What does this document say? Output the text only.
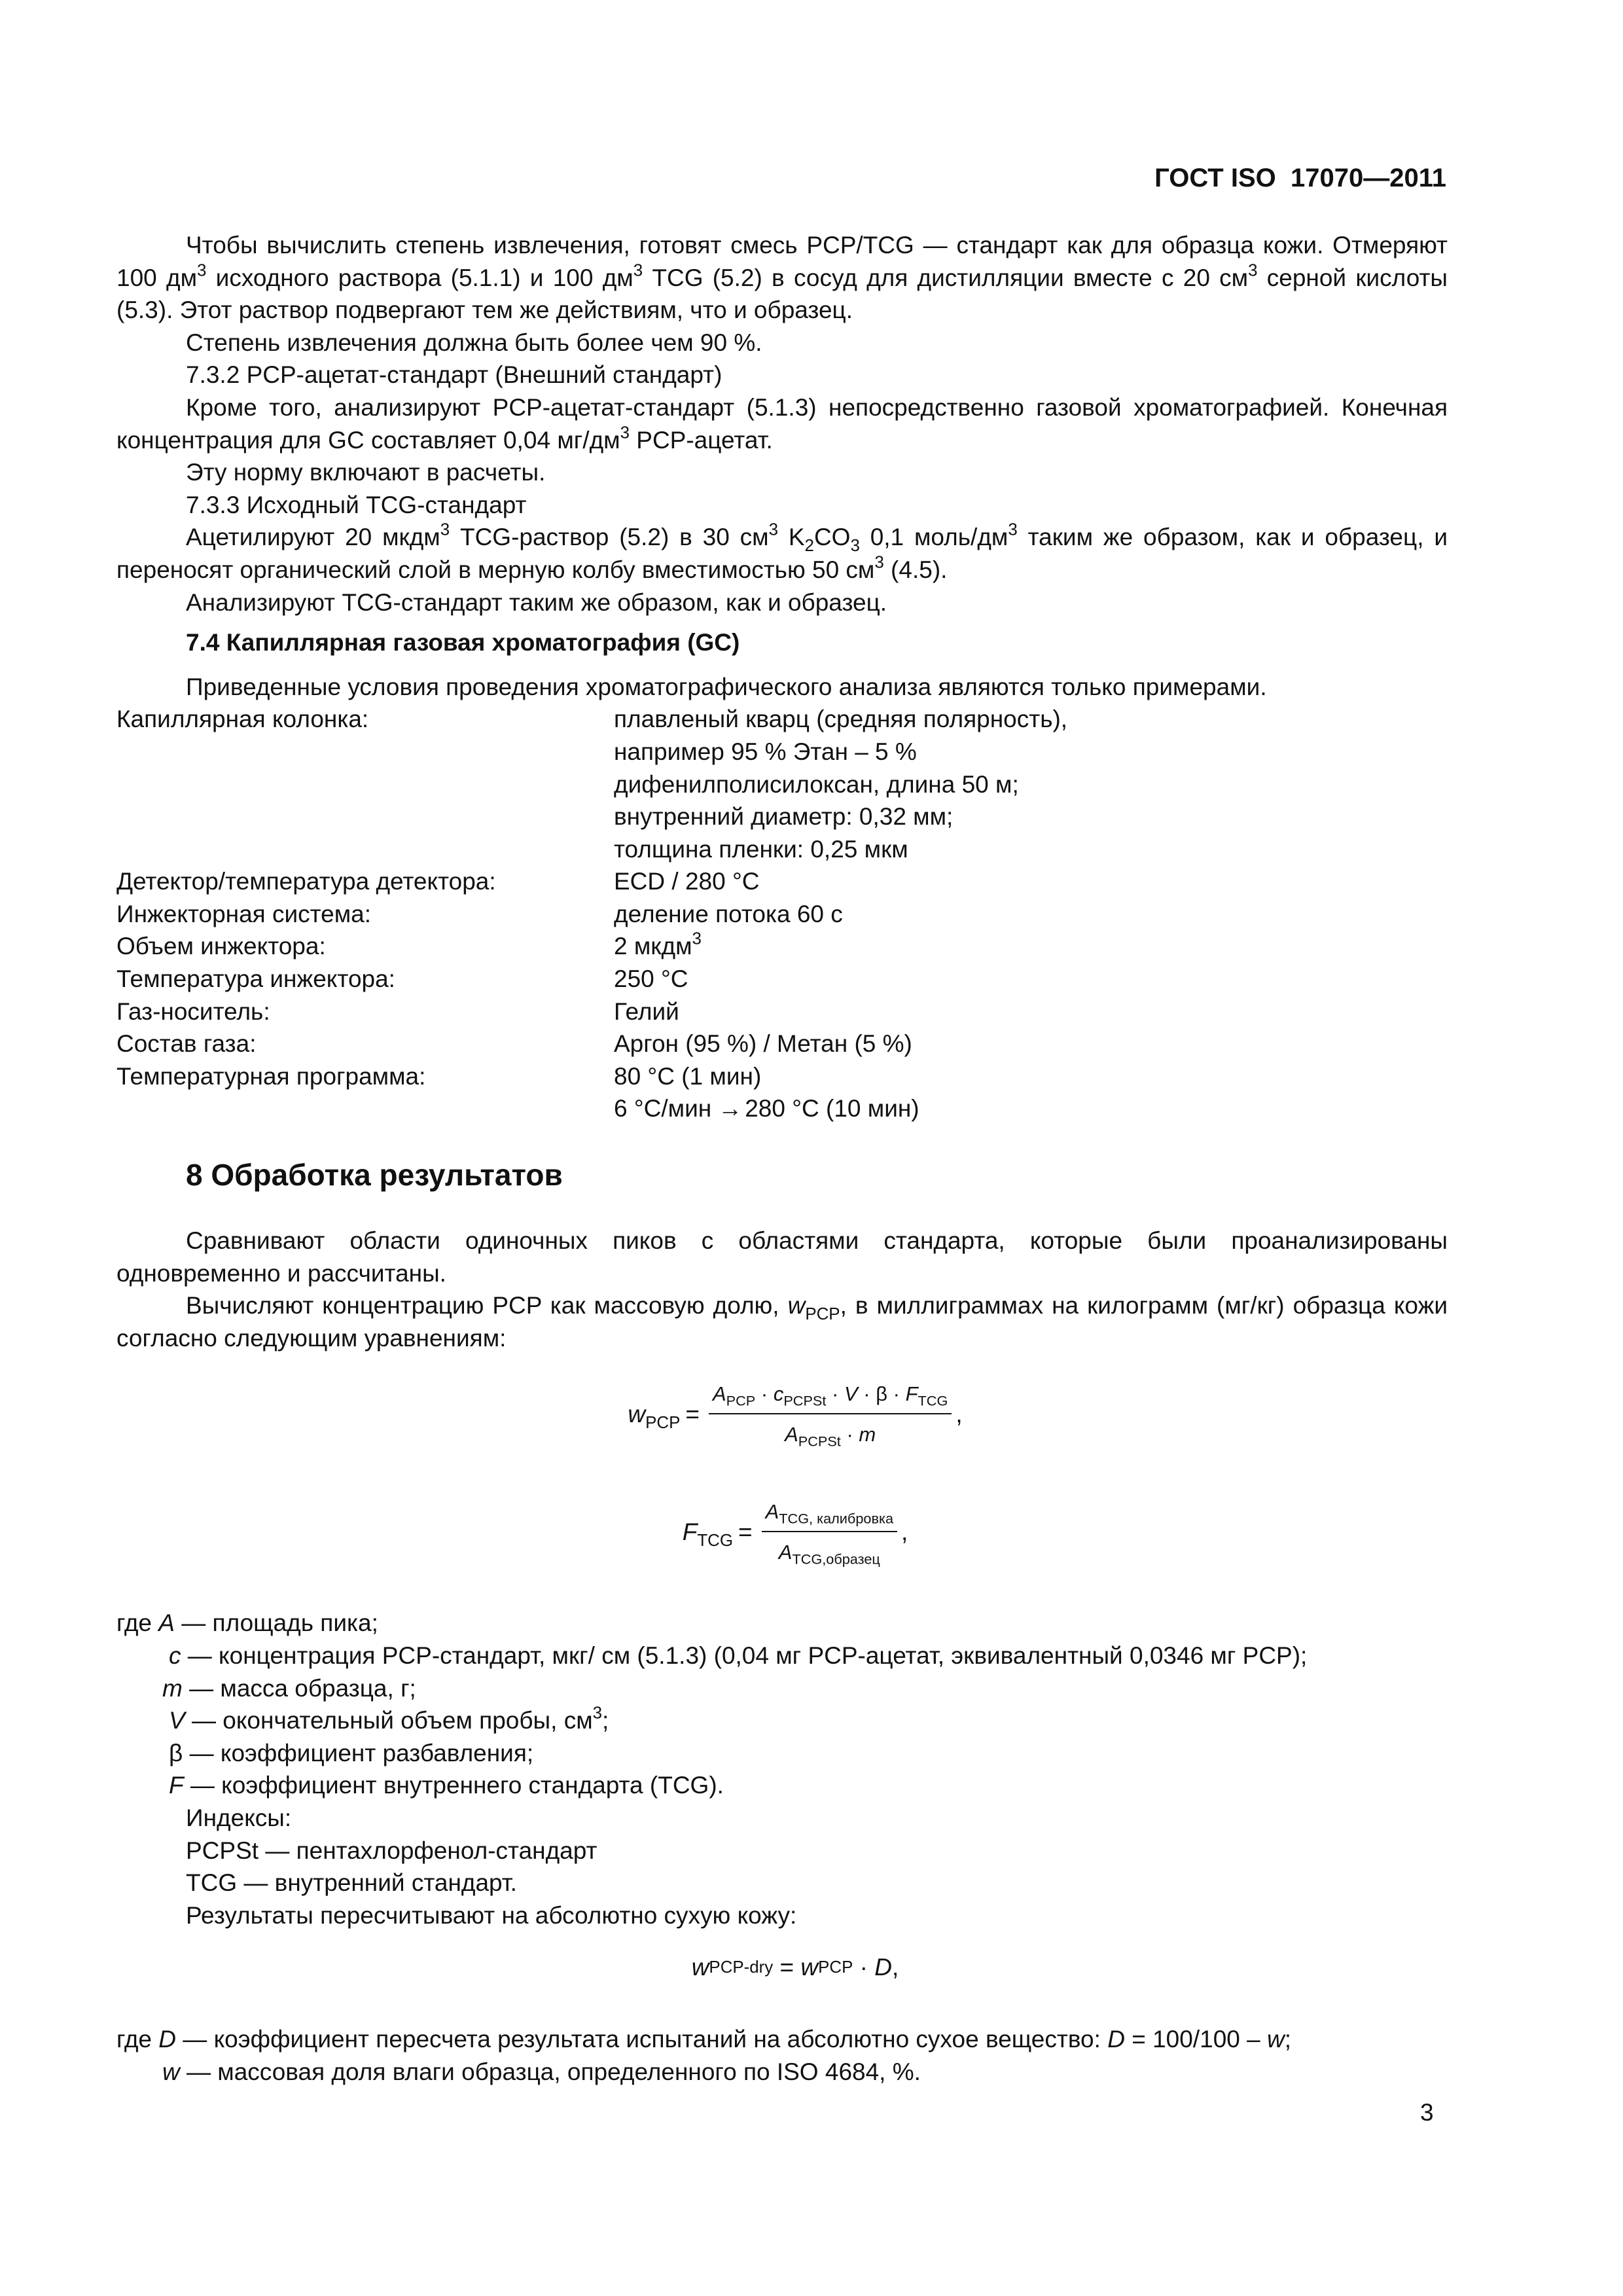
ГОСТ ISO  17070—2011

Чтобы вычислить степень извлечения, готовят смесь PCP/TCG — стандарт как для образца кожи. Отмеряют 100 $дм^3$ исходного раствора (5.1.1) и 100 $дм^3$ TCG (5.2) в сосуд для дистилляции вместе с 20 $см^3$ серной кислоты (5.3). Этот раствор подвергают тем же действиям, что и образец.

Степень извлечения должна быть более чем 90 %.

7.3.2 PCP-ацетат-стандарт (Внешний стандарт)

Кроме того, анализируют PCP-ацетат-стандарт (5.1.3) непосредственно газовой хроматографией. Конечная концентрация для GC составляет 0,04 $мг/дм^3$ PCP-ацетат.

Эту норму включают в расчеты.

7.3.3 Исходный TCG-стандарт

Ацетилируют 20 мкдм$^3$ TCG-раствор (5.2) в 30 $см^3$ $K_2CO_3$ 0,1 моль/$дм^3$ таким же образом, как и образец, и переносят органический слой в мерную колбу вместимостью 50 $см^3$ (4.5).

Анализируют TCG-стандарт таким же образом, как и образец.

7.4 Капиллярная газовая хроматография (GC)

Приведенные условия проведения хроматографического анализа являются только примерами.

Капиллярная колонка:	плавленый кварц (средняя полярность),
например 95 % Этан – 5 %
дифенилполисилоксан, длина 50 м;
внутренний диаметр: 0,32 мм;
толщина пленки: 0,25 мкм
Детектор/температура детектора:	ECD / 280 °C
Инжекторная система:	деление потока 60 с
Объем инжектора:	2 мкдм$^3$
Температура инжектора:	250 °C
Газ-носитель:	Гелий
Состав газа:	Аргон (95 %) / Метан (5 %)
Температурная программа:	80 °C (1 мин)
6 °C/мин → 280 °C (10 мин)
8 Обработка результатов

Сравнивают области одиночных пиков с областями стандарта, которые были проанализированы одновременно и рассчитаны.

Вычисляют концентрацию PCP как массовую долю, $w_{PCP}$, в миллиграммах на килограмм (мг/кг) образца кожи согласно следующим уравнениям:

$w_{PCP} = \frac{A_{PCP} \cdot c_{PCPSt} \cdot V \cdot \beta \cdot F_{TCG}}{A_{PCPSt} \cdot m}$ ,
$F_{TCG} = \frac{A_{TCG, калибровка}}{A_{TCG,образец}}$ ,

где A — площадь пика;

c — концентрация PCP-стандарт, мкг/ см (5.1.3) (0,04 мг PCP-ацетат, эквивалентный 0,0346 мг PCP);

m — масса образца, г;

V — окончательный объем пробы, $см^3$;

β — коэффициент разбавления;

F — коэффициент внутреннего стандарта (TCG).

Индексы:

PCPSt — пентахлорфенол-стандарт

TCG — внутренний стандарт.

Результаты пересчитывают на абсолютно сухую кожу:

w PCP-dry = w PCP · D ,

где D — коэффициент пересчета результата испытаний на абсолютно сухое вещество: D = 100/100 – w;

w — массовая доля влаги образца, определенного по ISO 4684, %.

3
